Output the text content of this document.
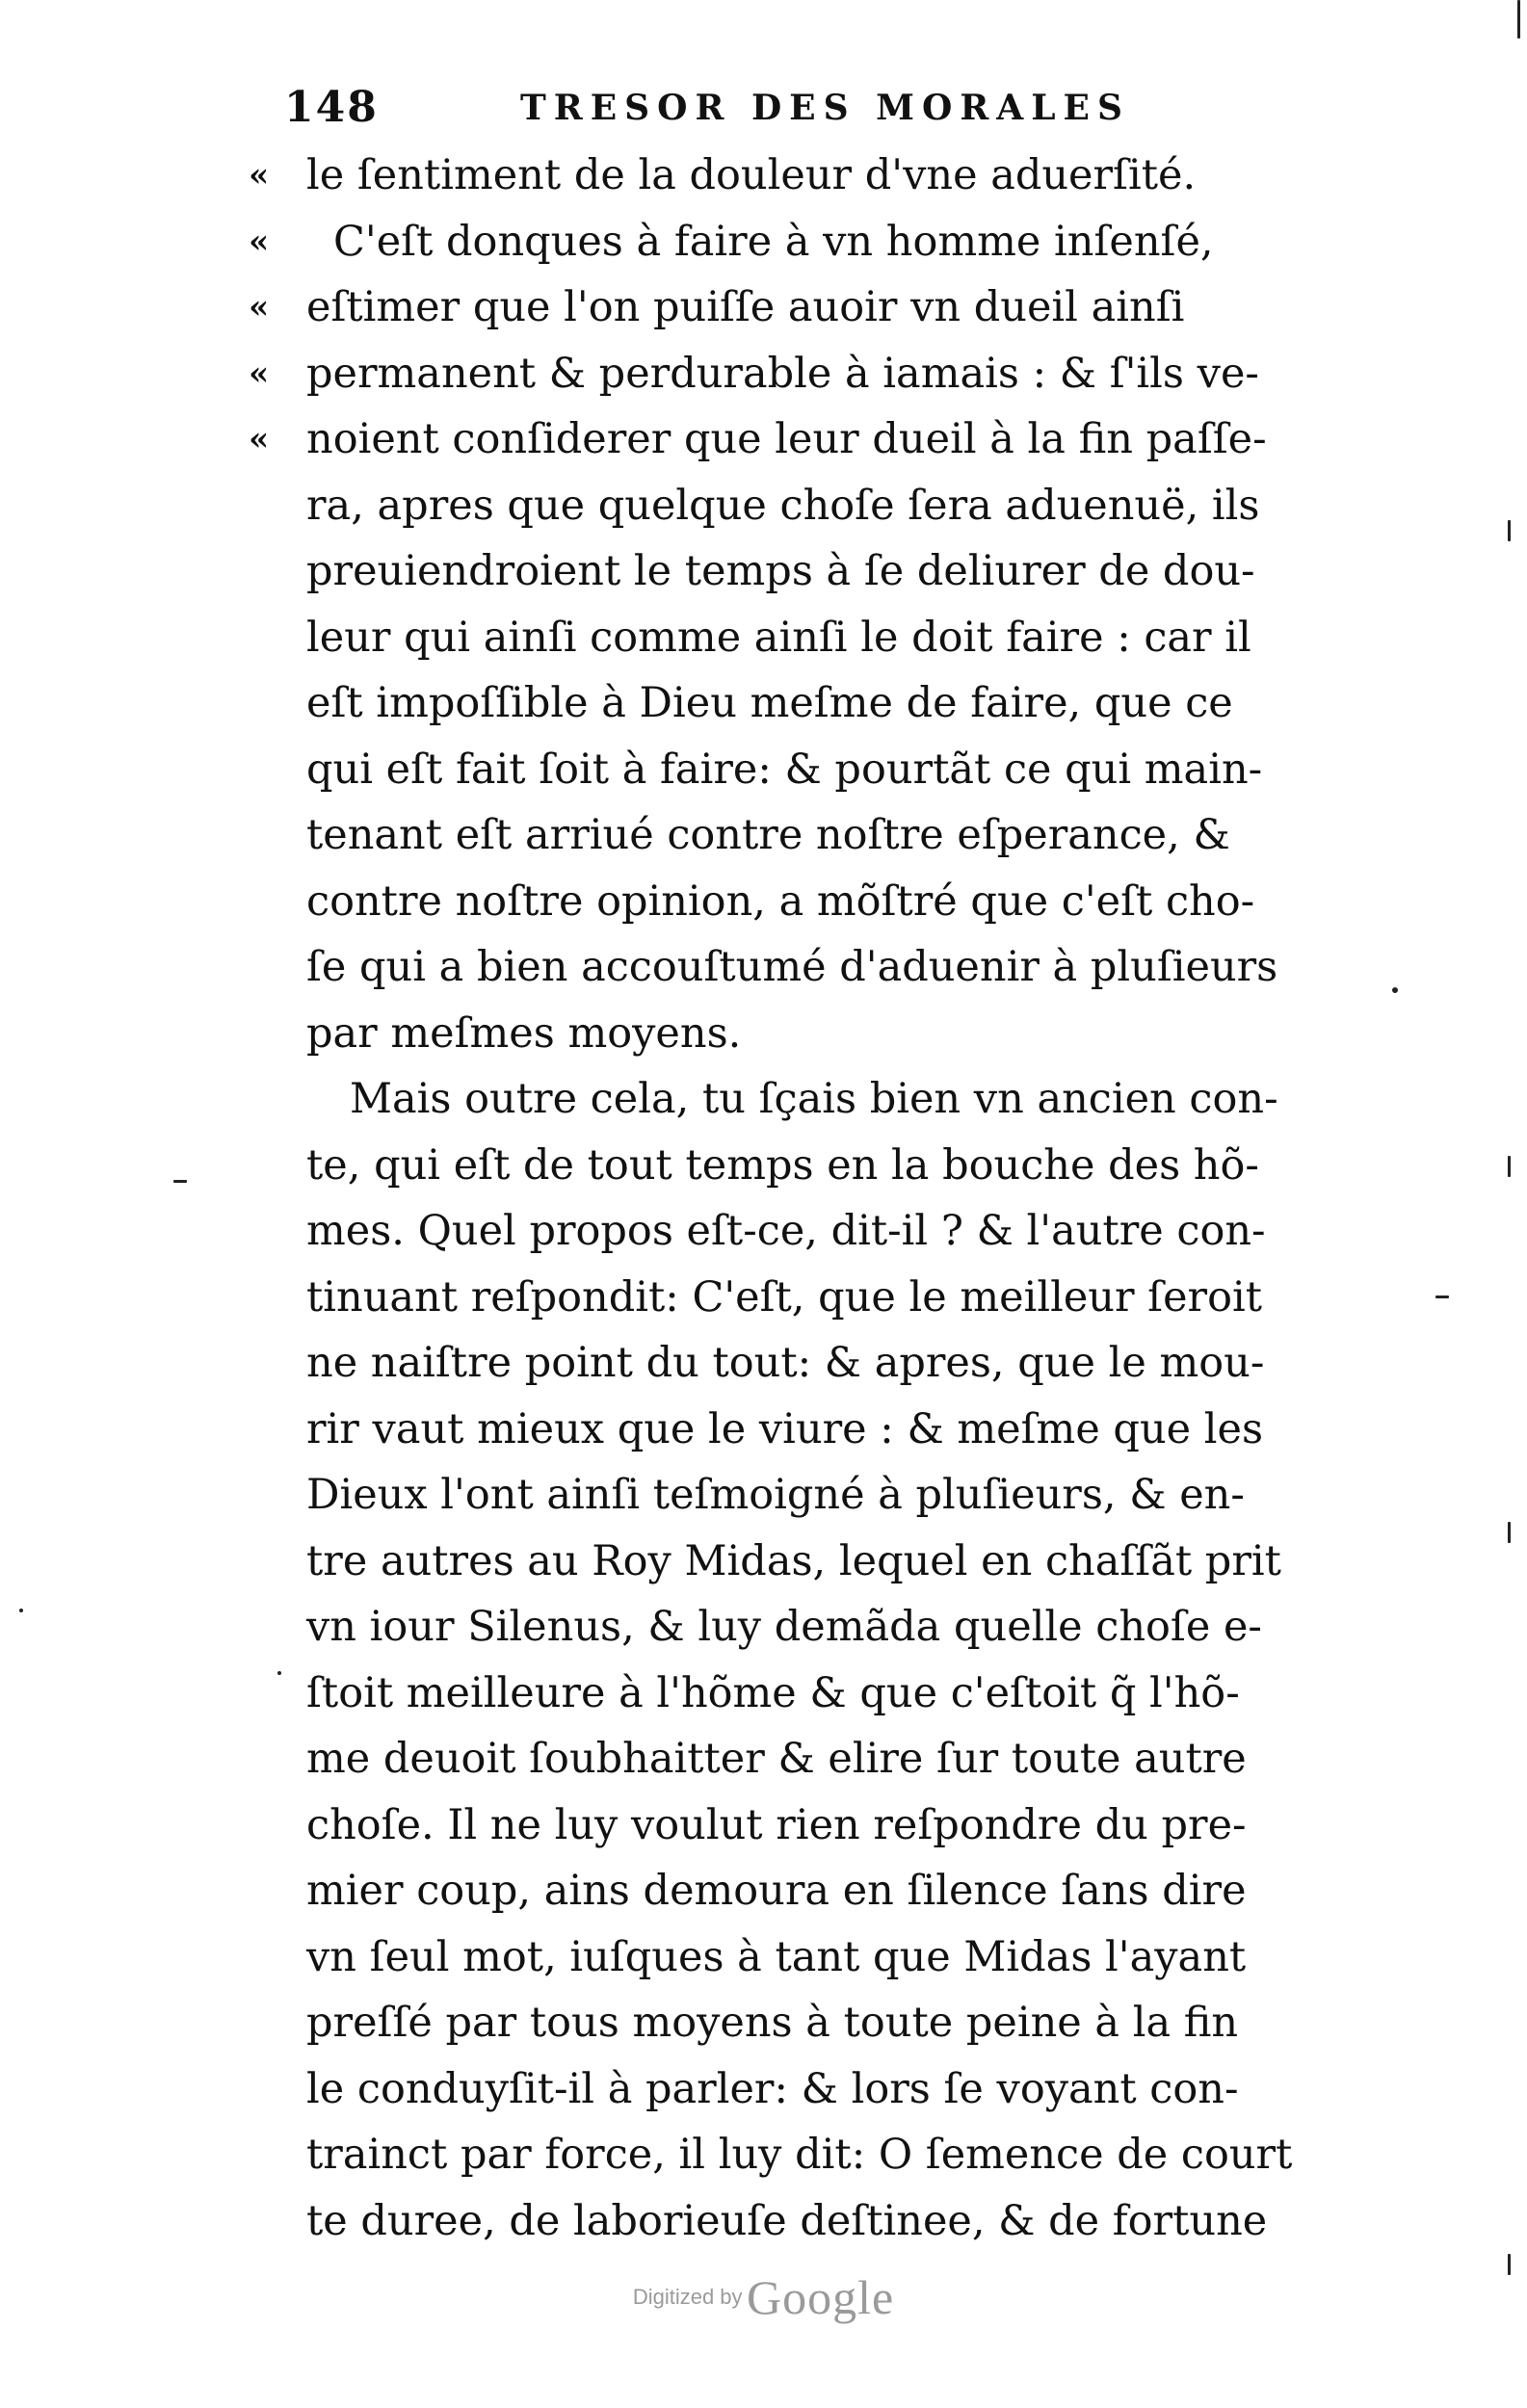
148	TRESOR DES MORALES
« le ſentiment de la douleur d'vne aduerſité.
« C'eſt donques à faire à vn homme inſenſé,
« eſtimer que l'on puiſſe auoir vn dueil ainſi
« permanent & perdurable à iamais : & ſ'ils ve-
« noient conſiderer que leur dueil à la fin paſſe-
ra, apres que quelque choſe ſera aduenuë, ils
preuiendroient le temps à ſe deliurer de dou-
leur qui ainſi comme ainſi le doit faire : car il
eſt impoſſible à Dieu meſme de faire, que ce
qui eſt fait ſoit à faire: & pourtãt ce qui main-
tenant eſt arriué contre noſtre eſperance, &
contre noſtre opinion, a mõſtré que c'eſt cho-
ſe qui a bien accouſtumé d'aduenir à pluſieurs
par meſmes moyens.
Mais outre cela, tu ſçais bien vn ancien con-
te, qui eſt de tout temps en la bouche des hõ-
mes. Quel propos eſt-ce, dit-il ? & l'autre con-
tinuant reſpondit: C'eſt, que le meilleur ſeroit
ne naiſtre point du tout: & apres, que le mou-
rir vaut mieux que le viure : & meſme que les
Dieux l'ont ainſi teſmoigné à pluſieurs, & en-
tre autres au Roy Midas, lequel en chaſſãt prit
vn iour Silenus, & luy demãda quelle choſe e-
ſtoit meilleure à l'hõme & que c'eſtoit q̃ l'hõ-
me deuoit ſoubhaitter & elire ſur toute autre
choſe. Il ne luy voulut rien reſpondre du pre-
mier coup, ains demoura en ſilence ſans dire
vn ſeul mot, iuſques à tant que Midas l'ayant
preſſé par tous moyens à toute peine à la fin
le conduyſit-il à parler: & lors ſe voyant con-
trainct par force, il luy dit: O ſemence de court
te duree, de laborieuſe deſtinee, & de fortune
Digitized by Google
